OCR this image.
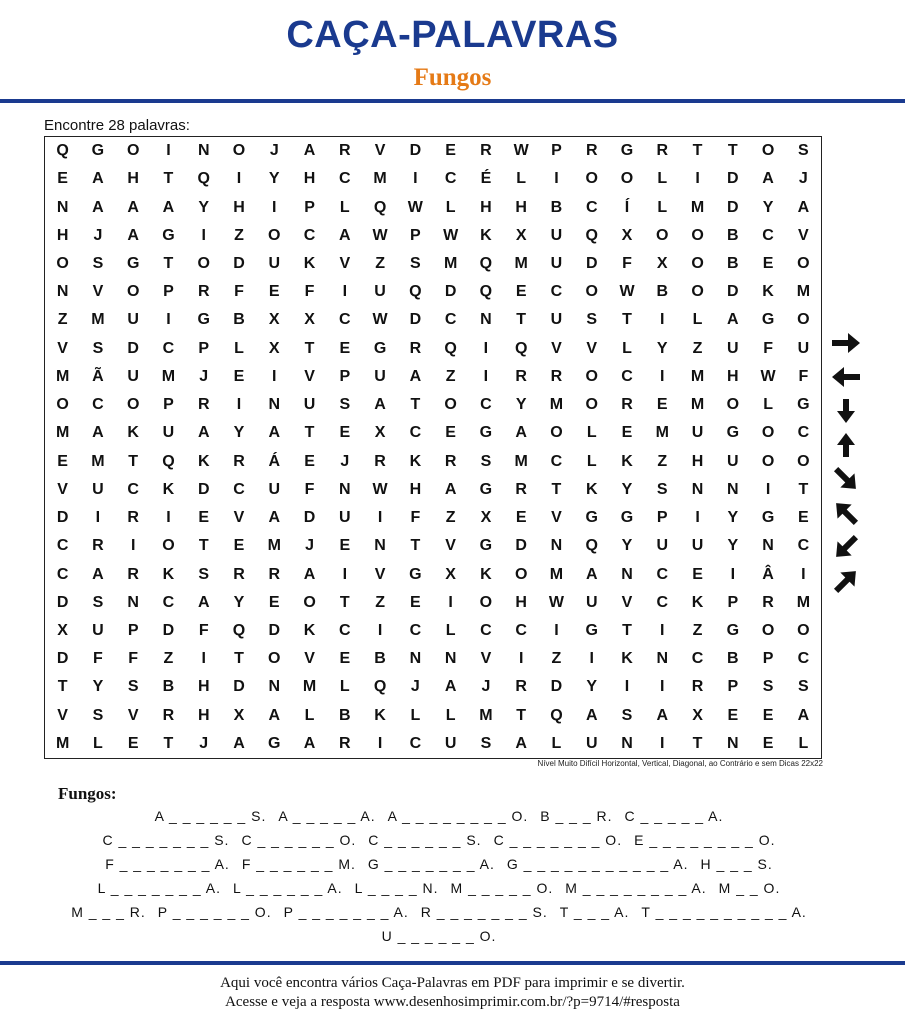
CAÇA-PALAVRAS
Fungos
Encontre 28 palavras:
Q	G	O	I	N	O	J	A	R	V	D	E	R	W	P	R	G	R	T	T	O	S
E	A	H	T	Q	I	Y	H	C	M	I	C	É	L	I	O	O	L	I	D	A	J
N	A	A	A	Y	H	I	P	L	Q	W	L	H	H	B	C	Í	L	M	D	Y	A
H	J	A	G	I	Z	O	C	A	W	P	W	K	X	U	Q	X	O	O	B	C	V
O	S	G	T	O	D	U	K	V	Z	S	M	Q	M	U	D	F	X	O	B	E	O
N	V	O	P	R	F	E	F	I	U	Q	D	Q	E	C	O	W	B	O	D	K	M
Z	M	U	I	G	B	X	X	C	W	D	C	N	T	U	S	T	I	L	A	G	O
V	S	D	C	P	L	X	T	E	G	R	Q	I	Q	V	V	L	Y	Z	U	F	U
M	Ã	U	M	J	E	I	V	P	U	A	Z	I	R	R	O	C	I	M	H	W	F
O	C	O	P	R	I	N	U	S	A	T	O	C	Y	M	O	R	E	M	O	L	G
M	A	K	U	A	Y	A	T	E	X	C	E	G	A	O	L	E	M	U	G	O	C
E	M	T	Q	K	R	Á	E	J	R	K	R	S	M	C	L	K	Z	H	U	O	O
V	U	C	K	D	C	U	F	N	W	H	A	G	R	T	K	Y	S	N	N	I	T
D	I	R	I	E	V	A	D	U	I	F	Z	X	E	V	G	G	P	I	Y	G	E
C	R	I	O	T	E	M	J	E	N	T	V	G	D	N	Q	Y	U	U	Y	N	C
C	A	R	K	S	R	R	A	I	V	G	X	K	O	M	A	N	C	E	I	Â	I
D	S	N	C	A	Y	E	O	T	Z	E	I	O	H	W	U	V	C	K	P	R	M
X	U	P	D	F	Q	D	K	C	I	C	L	C	C	I	G	T	I	Z	G	O	O
D	F	F	Z	I	T	O	V	E	B	N	N	V	I	Z	I	K	N	C	B	P	C
T	Y	S	B	H	D	N	M	L	Q	J	A	J	R	D	Y	I	I	R	P	S	S
V	S	V	R	H	X	A	L	B	K	L	L	M	T	Q	A	S	A	X	E	E	A
M	L	E	T	J	A	G	A	R	I	C	U	S	A	L	U	N	I	T	N	E	L
Nível Muito Difícil Horizontal, Vertical, Diagonal, ao Contrário e sem Dicas 22x22
Fungos:
A _ _ _ _ _ _ S. A _ _ _ _ _ A. A _ _ _ _ _ _ _ _ O. B _ _ _ R. C _ _ _ _ _ A.
C _ _ _ _ _ _ _ S. C _ _ _ _ _ _ O. C _ _ _ _ _ _ S. C _ _ _ _ _ _ _ O. E _ _ _ _ _ _ _ _ O.
F _ _ _ _ _ _ _ A. F _ _ _ _ _ _ M. G _ _ _ _ _ _ _ A. G _ _ _ _ _ _ _ _ _ _ _ A. H _ _ _ S.
L _ _ _ _ _ _ _ A. L _ _ _ _ _ _ A. L _ _ _ _ N. M _ _ _ _ _ O. M _ _ _ _ _ _ _ _ A. M _ _ O.
M _ _ _ R. P _ _ _ _ _ _ O. P _ _ _ _ _ _ _ A. R _ _ _ _ _ _ _ S. T _ _ _ A. T _ _ _ _ _ _ _ _ _ _ A.
U _ _ _ _ _ _ O.
Aqui você encontra vários Caça-Palavras em PDF para imprimir e se divertir.
Acesse e veja a resposta www.desenhosimprimir.com.br/?p=9714/#resposta
